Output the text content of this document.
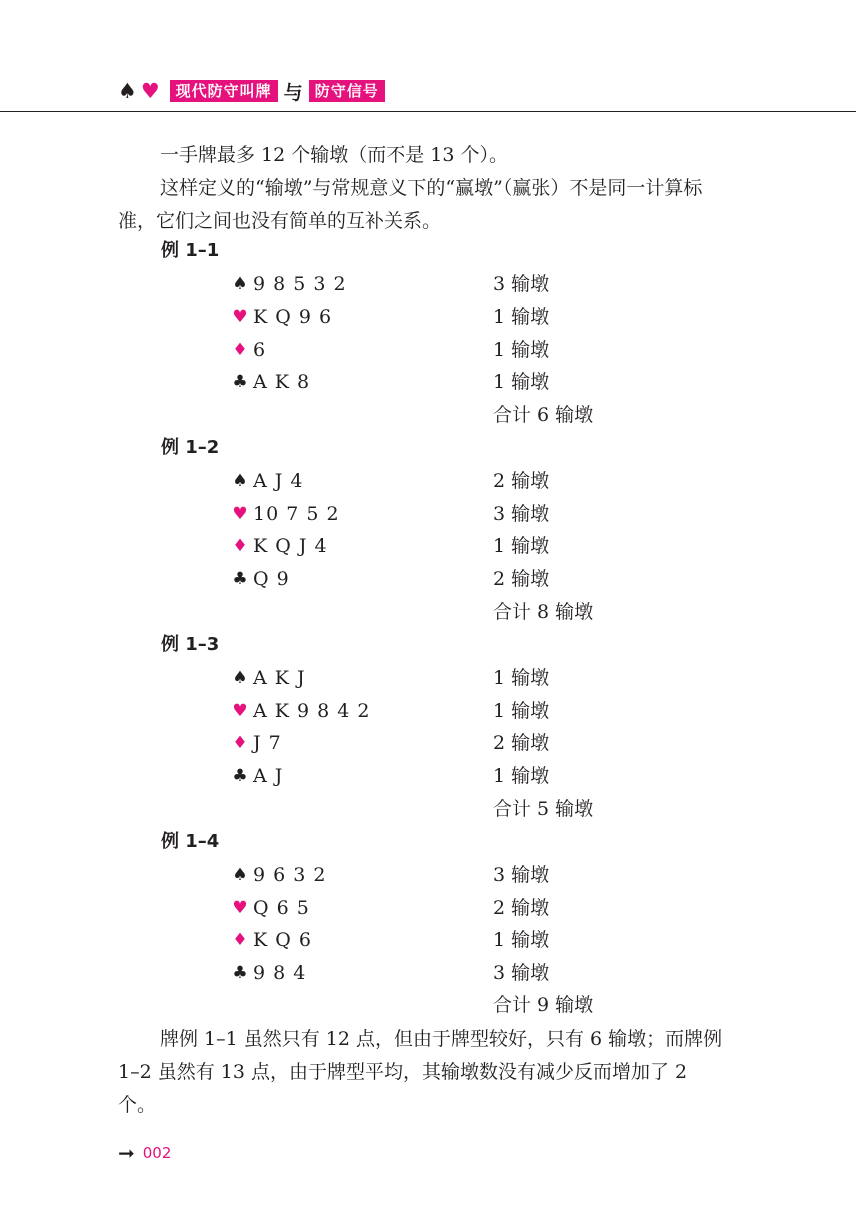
♠ ♥	现代防守叫牌 与 防守信号

一手牌最多 12 个输墩（而不是 13 个）。

这样定义的“输墩”与常规意义下的“赢墩”（赢张）不是同一计算标准，它们之间也没有简单的互补关系。

例 1–1
♠ 9 8 5 3 2	3 输墩
♥ K Q 9 6	1 输墩
♦ 6	1 输墩
♣ A K 8	1 输墩
合计 6 输墩
例 1–2
♠ A J 4	2 输墩
♥ 10 7 5 2	3 输墩
♦ K Q J 4	1 输墩
♣ Q 9	2 输墩
合计 8 输墩
例 1–3
♠ A K J	1 输墩
♥ A K 9 8 4 2	1 输墩
♦ J 7	2 输墩
♣ A J	1 输墩
合计 5 输墩
例 1–4
♠ 9 6 3 2	3 输墩
♥ Q 6 5	2 输墩
♦ K Q 6	1 输墩
♣ 9 8 4	3 输墩
合计 9 输墩

牌例 1–1 虽然只有 12 点，但由于牌型较好，只有 6 输墩；而牌例 1–2 虽然有 13 点，由于牌型平均，其输墩数没有减少反而增加了 2 个。

➞ 002
